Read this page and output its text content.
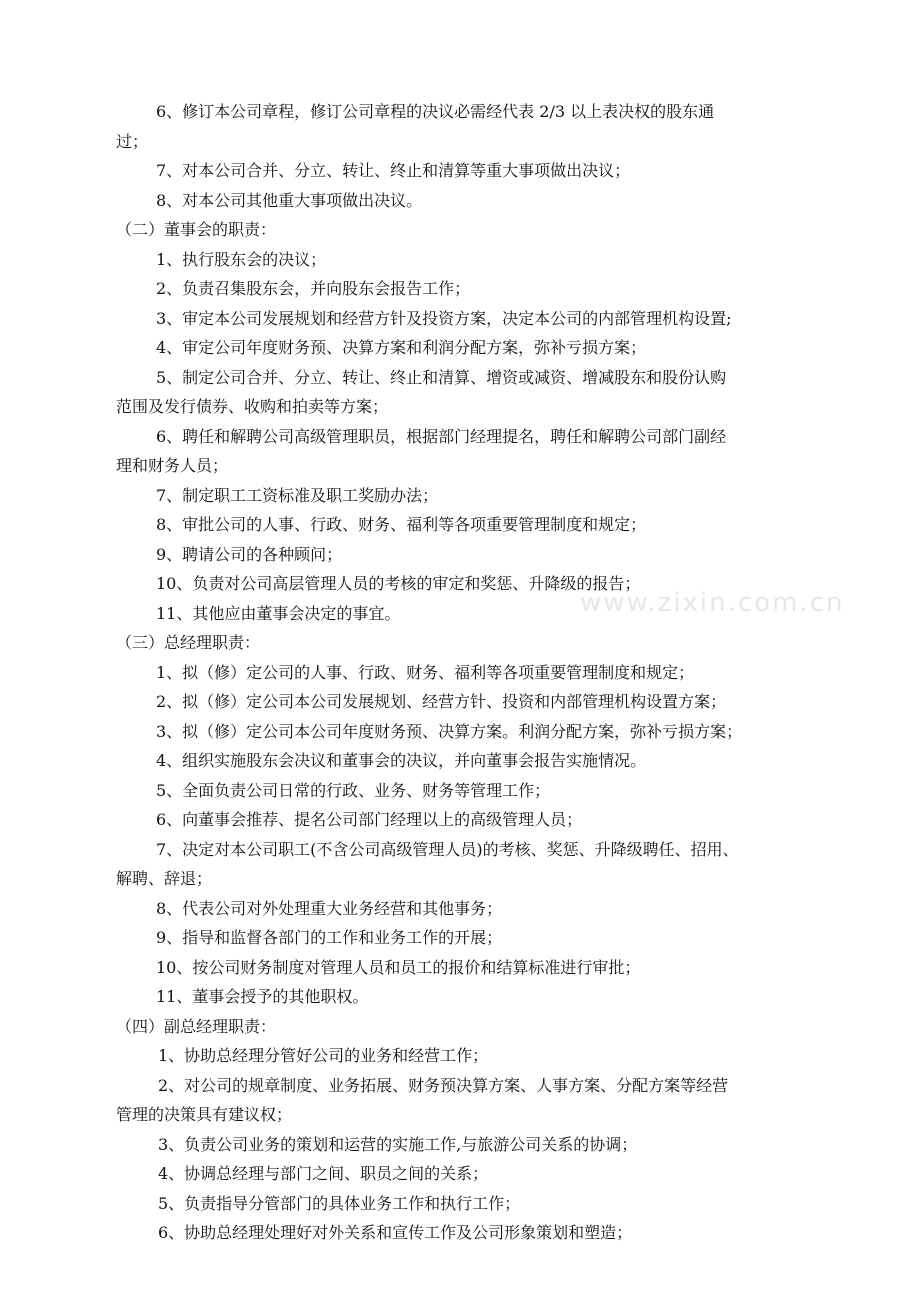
www.zixin.com.cn
6、修订本公司章程，修订公司章程的决议必需经代表 2/3 以上表决权的股东通
过；
7、对本公司合并、分立、转让、终止和清算等重大事项做出决议；
8、对本公司其他重大事项做出决议。
（二）董事会的职责：
1、执行股东会的决议；
2、负责召集股东会，并向股东会报告工作；
3、审定本公司发展规划和经营方针及投资方案，决定本公司的内部管理机构设置;
4、审定公司年度财务预、决算方案和利润分配方案，弥补亏损方案；
5、制定公司合并、分立、转让、终止和清算、增资或减资、增减股东和股份认购
范围及发行债券、收购和拍卖等方案；
6、聘任和解聘公司高级管理职员，根据部门经理提名，聘任和解聘公司部门副经
理和财务人员；
7、制定职工工资标准及职工奖励办法；
8、审批公司的人事、行政、财务、福利等各项重要管理制度和规定；
9、聘请公司的各种顾问；
10、负责对公司高层管理人员的考核的审定和奖惩、升降级的报告；
11、其他应由董事会决定的事宜。
（三）总经理职责：
1、拟（修）定公司的人事、行政、财务、福利等各项重要管理制度和规定；
2、拟（修）定公司本公司发展规划、经营方针、投资和内部管理机构设置方案；
3、拟（修）定公司本公司年度财务预、决算方案。利润分配方案，弥补亏损方案；
4、组织实施股东会决议和董事会的决议，并向董事会报告实施情况。
5、全面负责公司日常的行政、业务、财务等管理工作；
6、向董事会推荐、提名公司部门经理以上的高级管理人员；
7、决定对本公司职工(不含公司高级管理人员)的考核、奖惩、升降级聘任、招用、
解聘、辞退；
8、代表公司对外处理重大业务经营和其他事务；
9、指导和监督各部门的工作和业务工作的开展；
10、按公司财务制度对管理人员和员工的报价和结算标准进行审批；
11、董事会授予的其他职权。
（四）副总经理职责：
1、协助总经理分管好公司的业务和经营工作；
2、对公司的规章制度、业务拓展、财务预决算方案、人事方案、分配方案等经营
管理的决策具有建议权；
3、负责公司业务的策划和运营的实施工作,与旅游公司关系的协调；
4、协调总经理与部门之间、职员之间的关系；
5、负责指导分管部门的具体业务工作和执行工作；
6、协助总经理处理好对外关系和宣传工作及公司形象策划和塑造；
